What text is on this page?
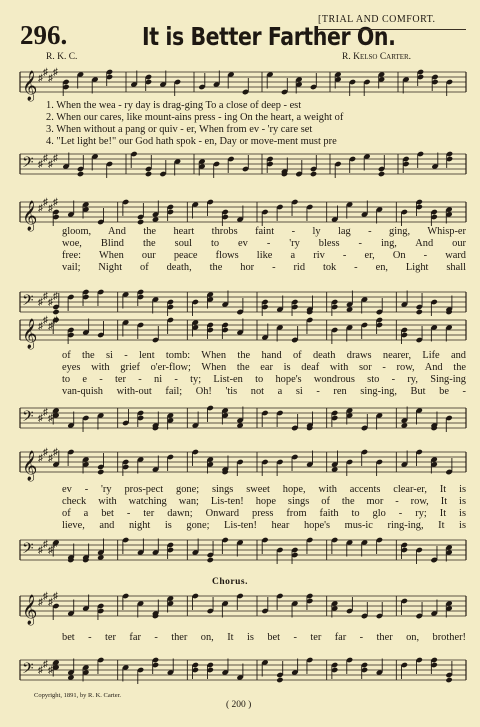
296.	It is Better Farther On.
[TRIAL AND COMFORT.
R. K. C.	R. Kelso Carter.
𝄞 ♯
♯
♯
♯
𝄢 ♯
♯
♯
♯
𝄞 ♯
♯
♯
♯
𝄢 ♯
♯
♯
♯
𝄞 ♯
♯
♯
𝄢 ♯
♯
♯
𝄞 ♯
♯
♯
♯
𝄢 ♯
♯
♯
𝄞 ♯
♯
♯
♯
𝄢 ♯
♯
♯
1. When the wea - ry day is drag-ging To a close of deep - est
2. When our cares, like mount-ains press - ing On the heart, a weight of
3. When without a pang or quiv - er, When from ev - 'ry care set
4. "Let light be!" our God hath spok - en, Day or move-ment must pre
gloom, And the heart throbs faint - ly lag - ging, Whisp-er
woe, Blind the soul to ev - 'ry bless - ing, And our
free: When our peace flows like a riv - er, On - ward
vail; Night of death, the hor - rid tok - en, Light shall
of the si - lent tomb: When the hand of death draws nearer, Life and
eyes with grief o'er-flow; When the ear is deaf with sor - row, And the
to e - ter - ni - ty; List-en to hope's wondrous sto - ry, Sing-ing
van-quish with-out fail; Oh! 'tis not a si - ren sing-ing, But be -
ev - 'ry pros-pect gone; sings sweet hope, with accents clear-er, It is
check with watching wan; Lis-ten! hope sings of the mor - row, It is
of a bet - ter dawn; Onward press from faith to glo - ry; It is
lieve, and night is gone; Lis-ten! hear hope's mus-ic ring-ing, It is
Chorus.
bet - ter far - ther on, It is bet - ter far - ther on, brother!
Copyright, 1891, by R. K. Carter.
( 200 )
